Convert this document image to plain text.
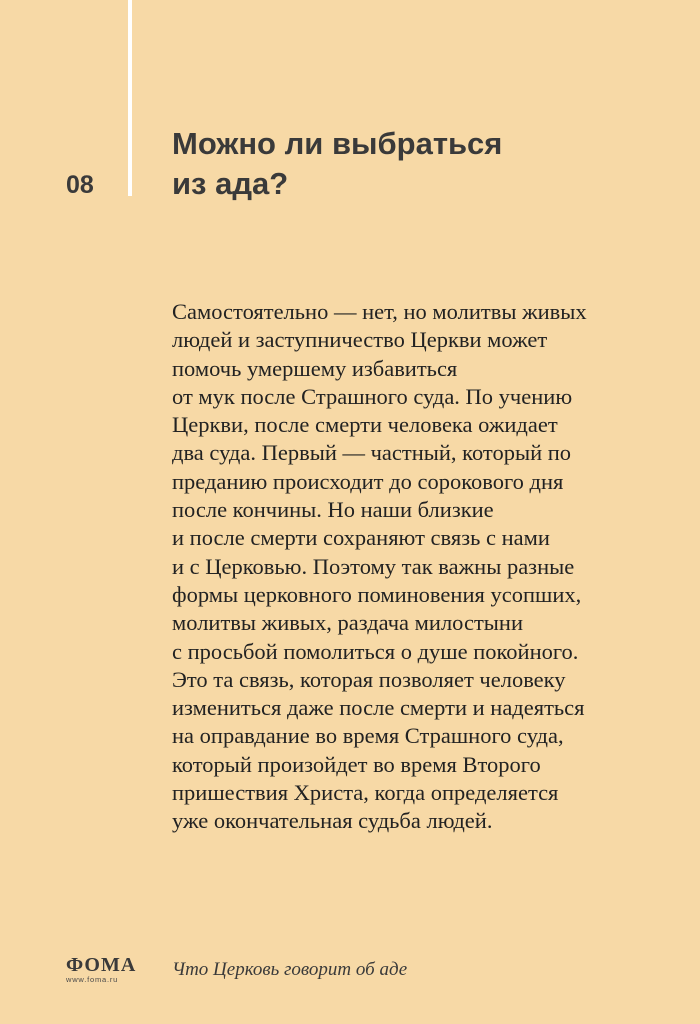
08
Можно ли выбраться
из ада?
Самостоятельно — нет, но молитвы живых
людей и заступничество Церкви может
помочь умершему избавиться
от мук после Страшного суда. По учению
Церкви, после смерти человека ожидает
два суда. Первый — частный, который по
преданию происходит до сорокового дня
после кончины. Но наши близкие
и после смерти сохраняют связь с нами
и с Церковью. Поэтому так важны разные
формы церковного поминовения усопших,
молитвы живых, раздача милостыни
с просьбой помолиться о душе покойного.
Это та связь, которая позволяет человеку
измениться даже после смерти и надеяться
на оправдание во время Страшного суда,
который произойдет во время Второго
пришествия Христа, когда определяется
уже окончательная судьба людей.
ФОМА
www.foma.ru	Что Церковь говорит об аде
